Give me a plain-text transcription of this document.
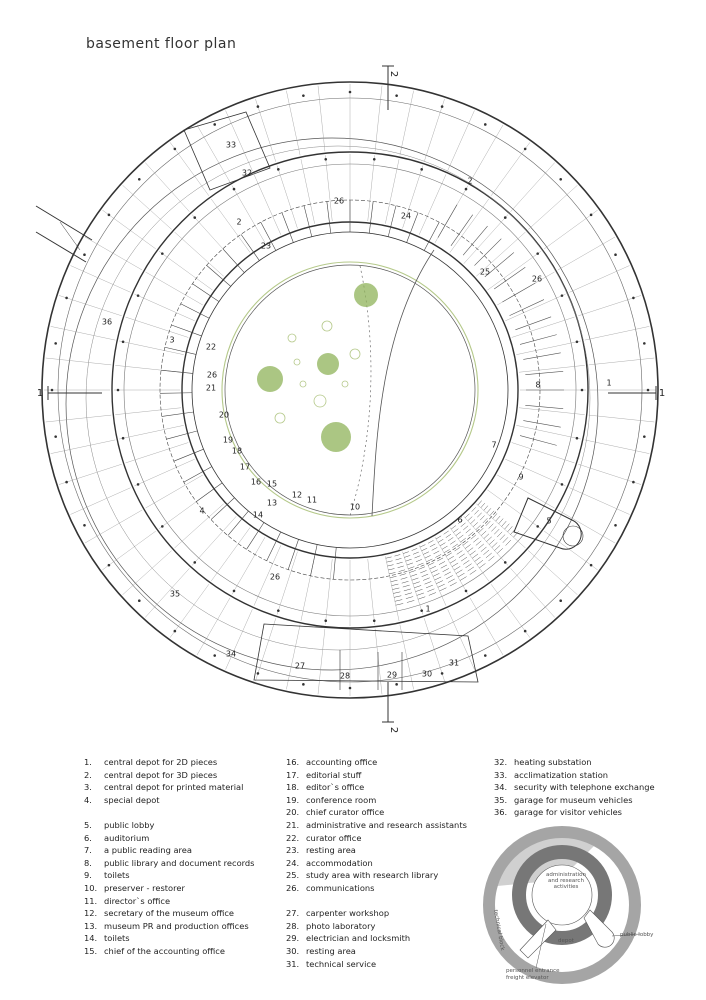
basement floor plan
1	1
2
2
33
32
2
2
36
3
1
8
9
5
1
4
35
34
27
28	29	30
31
26
26
26
26
24
25
23
22
21
20
19
18
17
16 15
14
13
12
11
10
6
7
administration and research activities
technical block	depot
public lobby
personnel entrance
freight elevator
1.	central depot for 2D pieces
2.	central depot for 3D pieces
3.	central depot for printed material
4.	special depot
5.	public lobby
6.	auditorium
7.	a public reading area
8.	public library and document records
9.	toilets
10. preserver - restorer
11. director`s office
12. secretary of the museum office
13. museum PR and production offices
14. toilets
15. chief of the accounting office
16. accounting office
17. editorial stuff
18. editor`s office
19. conference room
20. chief curator office
21. administrative and research assistants
22. curator office
23. resting area
24. accommodation
25. study area with research library
26. communications
27. carpenter workshop
28. photo laboratory
29. electrician and locksmith
30. resting area
31. technical service
32. heating substation
33. acclimatization station
34. security with telephone exchange
35. garage for museum vehicles
36. garage for visitor vehicles
